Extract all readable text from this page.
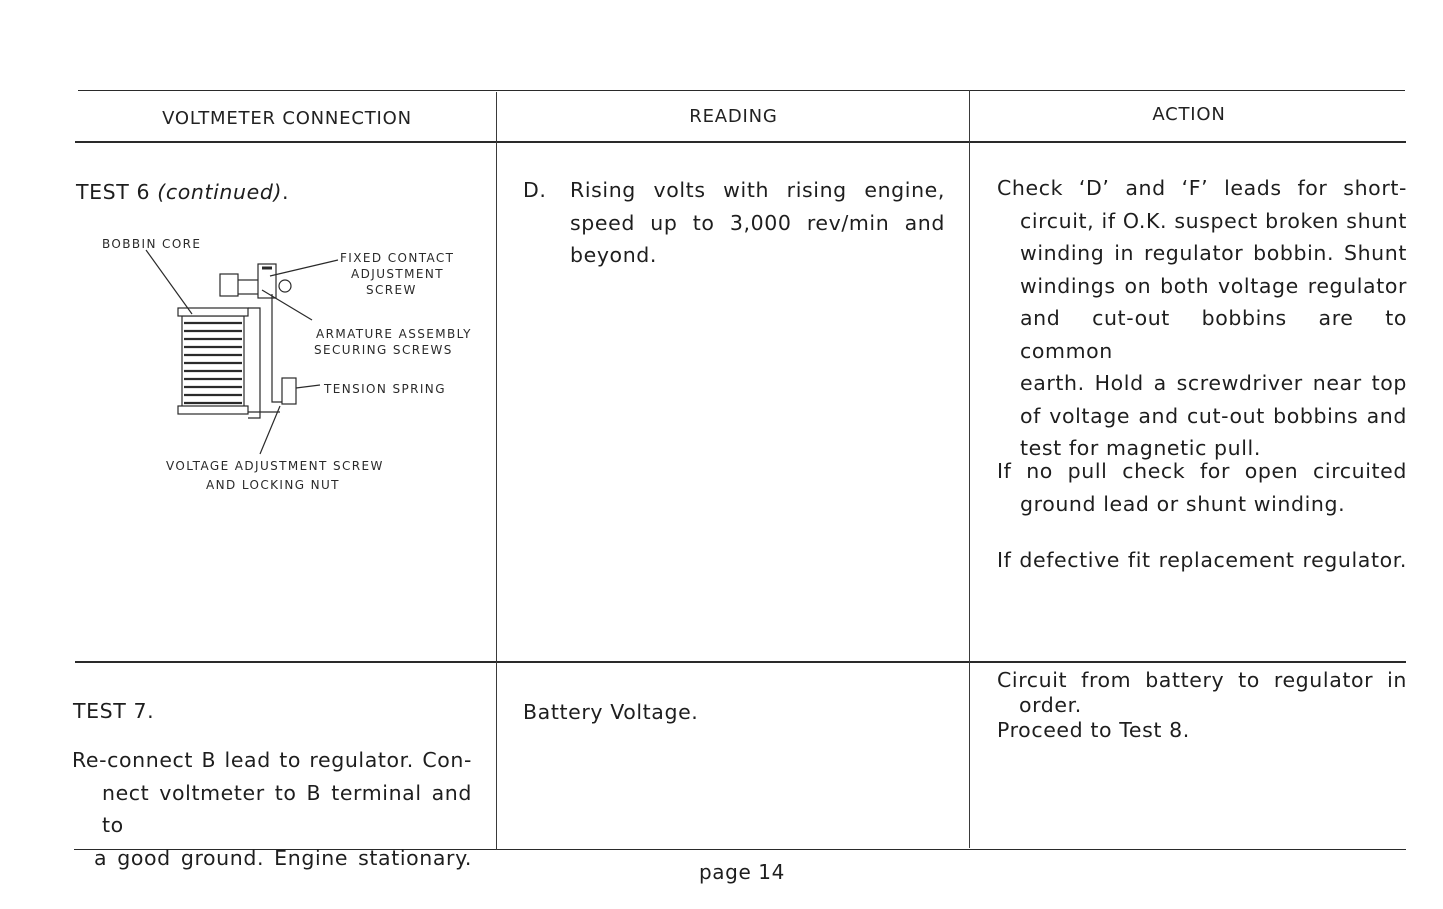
VOLTMETER CONNECTION	READING	ACTION
TEST 6 (continued).
BOBBIN CORE
FIXED CONTACT
ADJUSTMENT
SCREW
ARMATURE ASSEMBLY
SECURING SCREWS
TENSION SPRING
VOLTAGE ADJUSTMENT SCREW
AND LOCKING NUT
D. Rising volts with rising engine,
speed up to 3,000 rev/min and
beyond.
Check ‘D’ and ‘F’ leads for short-
circuit, if O.K. suspect broken shunt
winding in regulator bobbin. Shunt
windings on both voltage regulator
and cut-out bobbins are to common
earth. Hold a screwdriver near top
of voltage and cut-out bobbins and
test for magnetic pull.
If no pull check for open circuited
ground lead or shunt winding.
If defective fit replacement regulator.
TEST 7.
Re-connect B lead to regulator. Con-
nect voltmeter to B terminal and to
a good ground. Engine stationary.
Battery Voltage.
Circuit from battery to regulator in
order.
Proceed to Test 8.
page 14
